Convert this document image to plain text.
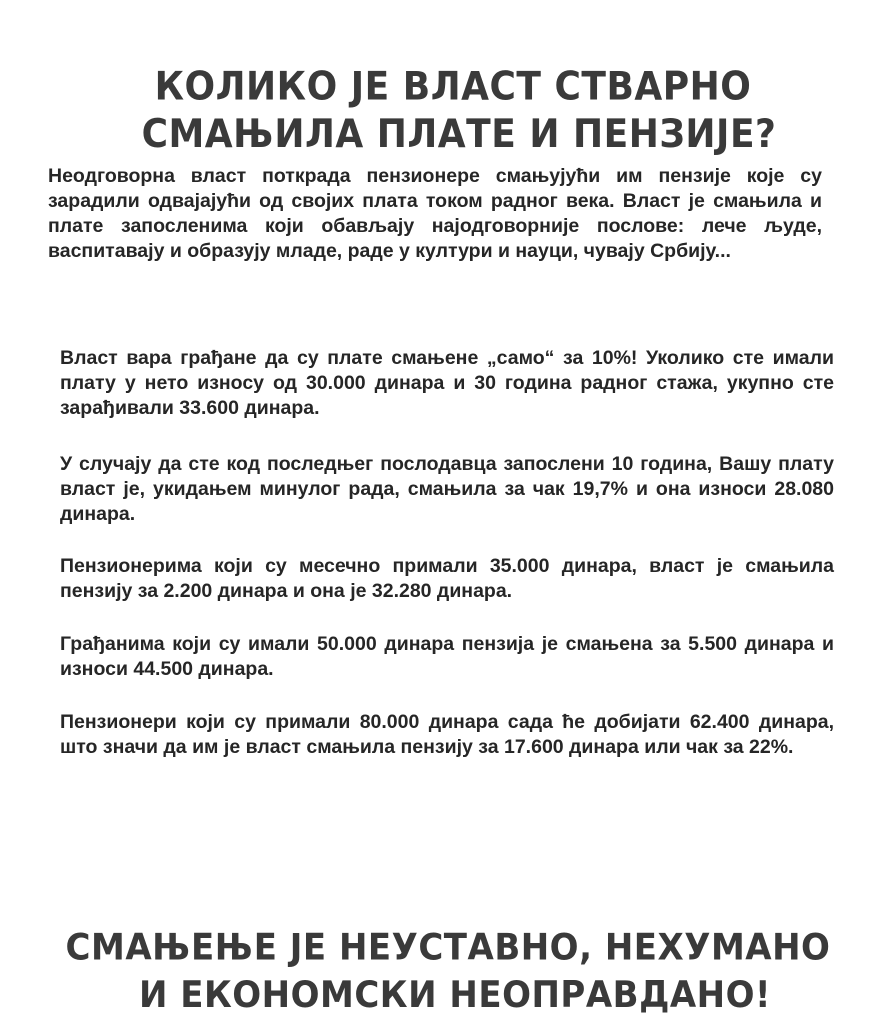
КОЛИКО ЈЕ ВЛАСТ СТВАРНО
СМАЊИЛА ПЛАТЕ И ПЕНЗИЈЕ?

Неодговорна власт поткрада пензионере смањујући им пензије које су зарадили одвајајући од својих плата током радног века. Власт је смањила и плате запосленима који обављају најодговорније послове: лече људе, васпитавају и образују младе, раде у култури и науци, чувају Србију...

Власт вара грађане да су плате смањене „само“ за 10%! Уколико сте имали плату у нето износу од 30.000 динара и 30 година радног стажа, укупно сте зарађивали 33.600 динара.

У случају да сте код последњег послодавца запослени 10 година, Вашу плату власт је, укидањем минулог рада, смањила за чак 19,7% и она износи 28.080 динара.

Пензионерима који су месечно примали 35.000 динара, власт је смањила пензију за 2.200 динара и она је 32.280 динара.

Грађанима који су имали 50.000 динара пензија је смањена за 5.500 динара и износи 44.500 динара.

Пензионери који су примали 80.000 динара сада ће добијати 62.400 динара, што значи да им је власт смањила пензију за 17.600 динара или чак за 22%.

СМАЊЕЊЕ ЈЕ НЕУСТАВНО, НЕХУМАНО
И ЕКОНОМСКИ НЕОПРАВДАНО!
